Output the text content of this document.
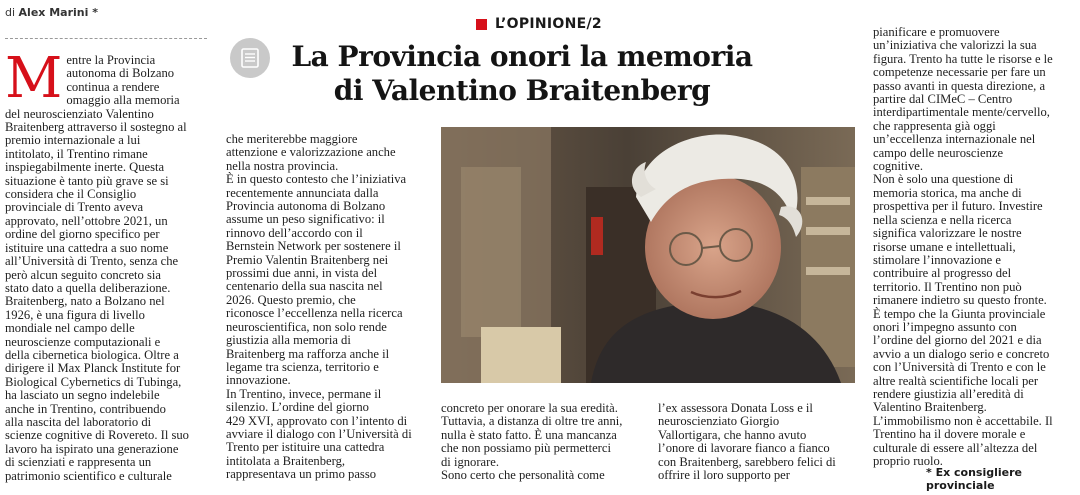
di Alex Marini *
L’OPINIONE/2
La Provincia onori la memoria
di Valentino Braitenberg
M entre la Provincia

autonoma di Bolzano

continua a rendere

omaggio alla memoria

del neuroscienziato Valentino

Braitenberg attraverso il sostegno al

premio internazionale a lui

intitolato, il Trentino rimane

inspiegabilmente inerte. Questa

situazione è tanto più grave se si

considera che il Consiglio

provinciale di Trento aveva

approvato, nell’ottobre 2021, un

ordine del giorno specifico per

istituire una cattedra a suo nome

all’Università di Trento, senza che

però alcun seguito concreto sia

stato dato a quella deliberazione.

Braitenberg, nato a Bolzano nel

1926, è una figura di livello

mondiale nel campo delle

neuroscienze computazionali e

della cibernetica biologica. Oltre a

dirigere il Max Planck Institute for

Biological Cybernetics di Tubinga,

ha lasciato un segno indelebile

anche in Trentino, contribuendo

alla nascita del laboratorio di

scienze cognitive di Rovereto. Il suo

lavoro ha ispirato una generazione

di scienziati e rappresenta un

patrimonio scientifico e culturale

che meriterebbe maggiore

attenzione e valorizzazione anche

nella nostra provincia.

È in questo contesto che l’iniziativa

recentemente annunciata dalla

Provincia autonoma di Bolzano

assume un peso significativo: il

rinnovo dell’accordo con il

Bernstein Network per sostenere il

Premio Valentin Braitenberg nei

prossimi due anni, in vista del

centenario della sua nascita nel

2026. Questo premio, che

riconosce l’eccellenza nella ricerca

neuroscientifica, non solo rende

giustizia alla memoria di

Braitenberg ma rafforza anche il

legame tra scienza, territorio e

innovazione.

In Trentino, invece, permane il

silenzio. L’ordine del giorno

429 XVI, approvato con l’intento di

avviare il dialogo con l’Università di

Trento per istituire una cattedra

intitolata a Braitenberg,

rappresentava un primo passo

concreto per onorare la sua eredità.

Tuttavia, a distanza di oltre tre anni,

nulla è stato fatto. È una mancanza

che non possiamo più permetterci

di ignorare.

Sono certo che personalità come

l’ex assessora Donata Loss e il

neuroscienziato Giorgio

Vallortigara, che hanno avuto

l’onore di lavorare fianco a fianco

con Braitenberg, sarebbero felici di

offrire il loro supporto per

pianificare e promuovere

un’iniziativa che valorizzi la sua

figura. Trento ha tutte le risorse e le

competenze necessarie per fare un

passo avanti in questa direzione, a

partire dal CIMeC – Centro

interdipartimentale mente/cervello,

che rappresenta già oggi

un’eccellenza internazionale nel

campo delle neuroscienze

cognitive.

Non è solo una questione di

memoria storica, ma anche di

prospettiva per il futuro. Investire

nella scienza e nella ricerca

significa valorizzare le nostre

risorse umane e intellettuali,

stimolare l’innovazione e

contribuire al progresso del

territorio. Il Trentino non può

rimanere indietro su questo fronte.

È tempo che la Giunta provinciale

onori l’impegno assunto con

l’ordine del giorno del 2021 e dia

avvio a un dialogo serio e concreto

con l’Università di Trento e con le

altre realtà scientifiche locali per

rendere giustizia all’eredità di

Valentino Braitenberg.

L’immobilismo non è accettabile. Il

Trentino ha il dovere morale e

culturale di essere all’altezza del

proprio ruolo.

* Ex consigliere provinciale
